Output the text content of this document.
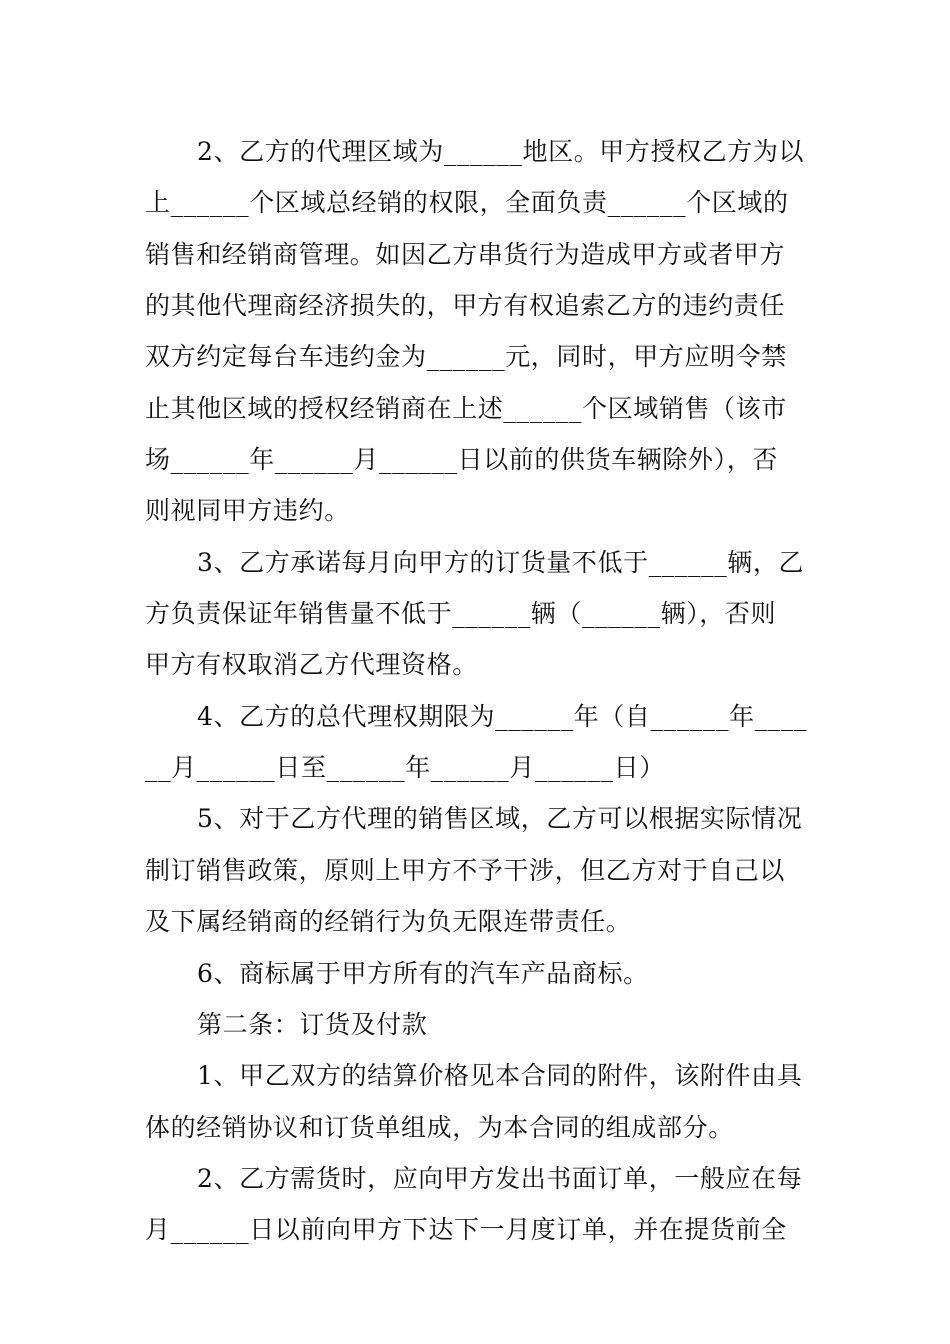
2、乙方的代理区域为______地区。甲方授权乙方为以
上______个区域总经销的权限，全面负责______个区域的
销售和经销商管理。如因乙方串货行为造成甲方或者甲方
的其他代理商经济损失的，甲方有权追索乙方的违约责任
双方约定每台车违约金为______元，同时，甲方应明令禁
止其他区域的授权经销商在上述______个区域销售（该市
场______年______月______日以前的供货车辆除外），否
则视同甲方违约。
3、乙方承诺每月向甲方的订货量不低于______辆，乙
方负责保证年销售量不低于______辆（______辆），否则
甲方有权取消乙方代理资格。
4、乙方的总代理权期限为______年（自______年____
__月______日至______年______月______日）
5、对于乙方代理的销售区域，乙方可以根据实际情况
制订销售政策，原则上甲方不予干涉，但乙方对于自己以
及下属经销商的经销行为负无限连带责任。
6、商标属于甲方所有的汽车产品商标。
第二条：订货及付款
1、甲乙双方的结算价格见本合同的附件，该附件由具
体的经销协议和订货单组成，为本合同的组成部分。
2、乙方需货时，应向甲方发出书面订单，一般应在每
月______日以前向甲方下达下一月度订单，并在提货前全
